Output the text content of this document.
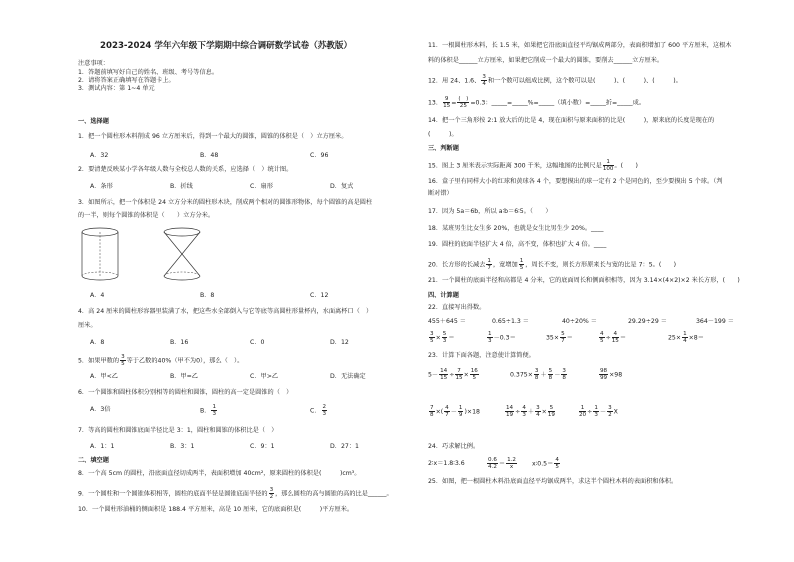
2023-2024 学年六年级下学期期中综合调研数学试卷（苏教版）
注意事项：
1．答题前填写好自己的姓名、班级、考号等信息。
2．请将答案正确填写在答题卡上。
3．测试内容：第 1~4 单元
一、选择题
1．把一个圆柱形木料削成 96 立方厘米后，得到一个最大的圆锥，圆锥的体积是（　）立方厘米。
A．32	B．48	C．96
2．要清楚反映某小学各年级人数与全校总人数的关系，应选择（　）统计图。
A．条形	B．折线	C．扇形	D．复式
3．如图所示，把一个体积是 24 立方分米的圆柱形木块，削成两个相对的圆锥形物体，每个圆锥的高是圆柱
的一半，则每个圆锥的体积是（　　）立方分米。
A．4	B．8	C．12
4．高 24 厘米的圆柱形容器里装满了水，把这些水全部倒入与它等底等高圆柱形量杯内，水面离杯口（　）
厘米。
A．8	B．16	C．0	D．12
5．如果甲数的 $\frac{3}{5}$ 等于乙数的40%（甲不为0），那么（　）。
A．甲<乙	B．甲=乙	C．甲>乙	D．无法确定
6．一个圆锥和圆柱体积分别相等的圆柱和圆锥，圆柱的高一定是圆锥的（　）
A．3倍	B． $\frac{1}{3}$	C． $\frac{2}{3}$
7．等高的圆柱和圆锥底面半径比是 3：1，圆柱和圆锥的体积比是（　）
A．1：1	B．3：1	C．9：1	D．27：1
二、填空题
8．一个高 5cm 的圆柱，沿底面直径切成两半，表面积增加 40cm²，原来圆柱的体积是(　　　)cm³。
9．一个圆柱和一个圆锥体积相等，圆柱的底面半径是圆锥底面半径的 $\frac{3}{2}$ ，那么圆柱的高与圆锥的高的比是______。
10．一个圆柱形油桶的侧面积是 188.4 平方厘米，高是 10 厘米，它的底面积是(　　　)平方厘米。
11．一根圆柱形木料，长 1.5 米，如果把它沿底面直径平均锯成两部分，表面积增加了 600 平方厘米，这根木
料的体积是______立方厘米，如果把它削成一个最大的圆锥，要削去______立方厘米。
12．用 24、1.6、 $\frac{3}{4}$ 和一个数可以组成比例，这个数可以是(　　　)、(　　　)、(　　　)。
13． $\frac{9}{15} = \frac{( )}{25} =0.3$：_____=_____%=_____（填小数）=_____折=_____成。
14．把一个三角形按 2:1 放大后的比是 4，现在面积与原来面积的比是(　　　)，原来底的长度是现在的
(　　　)。
三、判断题
15．图上 3 厘米表示实际距离 300 千米，这幅地图的比例尺是 $\frac{1}{100}$ 。(　　)
16．盒子里有同样大小的红球和黄球各 4 个，要想摸出的球一定有 2 个是同色的，至少要摸出 5 个球。（判
断对错）
17．因为 5a＝6b，所以 a∶b＝6∶5。（　　）
18．某班男生比女生多 20%，也就是女生比男生少 20%。____
19．圆柱的底面半径扩大 4 倍，高不变，体积也扩大 4 倍。____
20．长方形的长减去 $\frac{1}{7}$ ，宽增加 $\frac{1}{5}$ ，周长不变，则长方形原来长与宽的比是 7：5。(　　)
21．一个圆柱的底面半径和高都是 4 分米，它的底面周长和侧面积相等，因为 3.14×(4×2)×2 米长方形，(　　)
四、计算题
22．直接写出得数。
455＋645 ＝	0.65÷1.3 ＝	40÷20% ＝	29.29÷29 ＝	364－199 ＝
$\frac{3}{5} \times \frac{5}{3}$ ＝	$\frac{1}{3} -0.3=$	$35\times \frac{5}{7}$ ＝	$\frac{4}{5} \div \frac{4}{15}$ ＝	$25\times \frac{1}{4} \times 8=$
23．计算下面各题，注意使计算简便。
$5- \frac{14}{15} \div \frac{7}{15} \times \frac{16}{5}$	$0.375\times \frac{3}{8} + \frac{5}{8} - \frac{3}{8}$	$\frac{98}{99} \times 98$
$\frac{7}{8}$ ×( $\frac{4}{7} - \frac{1}{9} )\times 18$	$\frac{14}{19} \div \frac{4}{3} + \frac{3}{4} \times \frac{5}{19}$	$\frac{1}{20} \div \frac{1}{3} - \frac{3}{2}$ X
24．巧求解比例。
2∶x＝1.8∶3.6	$\frac{0.6}{4.2} = \frac{1.2}{x}$ x∶0.5＝ $\frac{4}{5}$
25．如图，把一根圆柱木料沿底面直径平均锯成两半，求这半个圆柱木料的表面积和体积。
